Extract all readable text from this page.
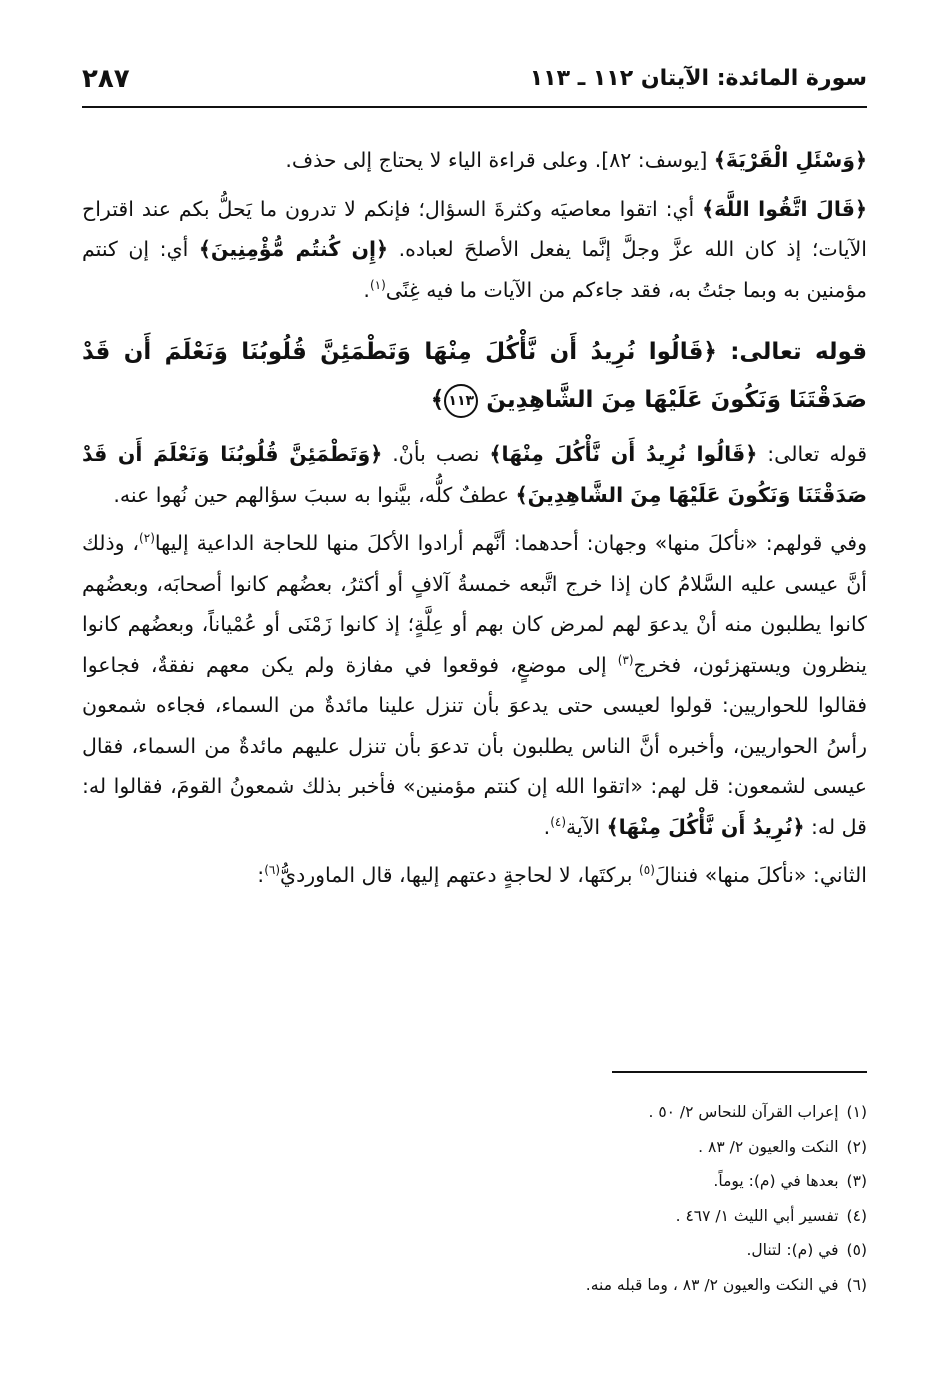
سورة المائدة: الآيتان ١١٢ ـ ١١٣
٢٨٧

﴿وَسْئَلِ الْقَرْيَةَ﴾ [يوسف: ٨٢]. وعلى قراءة الياء لا يحتاج إلى حذف.

﴿قَالَ اتَّقُوا اللَّهَ﴾ أي: اتقوا معاصيَه وكثرةَ السؤال؛ فإنكم لا تدرون ما يَحلُّ بكم عند اقتراح الآيات؛ إذ كان الله عزَّ وجلَّ إنَّما يفعل الأصلحَ لعباده. ﴿إِن كُنتُم مُّؤْمِنِينَ﴾ أي: إن كنتم مؤمنين به وبما جئتُ به، فقد جاءكم من الآيات ما فيه غِنًى$^{(١)}$.

قوله تعالى: ﴿قَالُوا نُرِيدُ أَن نَّأْكُلَ مِنْهَا وَتَطْمَئِنَّ قُلُوبُنَا وَنَعْلَمَ أَن قَدْ صَدَقْتَنَا وَنَكُونَ عَلَيْهَا مِنَ الشَّاهِدِينَ ١١٣﴾

قوله تعالى: ﴿قَالُوا نُرِيدُ أَن نَّأْكُلَ مِنْهَا﴾ نصب بأنْ. ﴿وَتَطْمَئِنَّ قُلُوبُنَا وَنَعْلَمَ أَن قَدْ صَدَقْتَنَا وَنَكُونَ عَلَيْهَا مِنَ الشَّاهِدِينَ﴾ عطفٌ كلُّه، بيَّنوا به سببَ سؤالهم حين نُهوا عنه.

وفي قولهم: «نأكلَ منها» وجهان: أحدهما: أنَّهم أرادوا الأكلَ منها للحاجة الداعية إليها$^{(٢)}$، وذلك أنَّ عيسى عليه السَّلامُ كان إذا خرج اتَّبعه خمسةُ آلافٍ أو أكثرُ، بعضُهم كانوا أصحابَه، وبعضُهم كانوا يطلبون منه أنْ يدعوَ لهم لمرض كان بهم أو عِلَّةٍ؛ إذ كانوا زَمْنَى أو عُمْياناً، وبعضُهم كانوا ينظرون ويستهزئون، فخرج$^{(٣)}$ إلى موضعٍ، فوقعوا في مفازة ولم يكن معهم نفقةٌ، فجاعوا فقالوا للحواريين: قولوا لعيسى حتى يدعوَ بأن تنزل علينا مائدةٌ من السماء، فجاءه شمعون رأسُ الحواريين، وأخبره أنَّ الناس يطلبون بأن تدعوَ بأن تنزل عليهم مائدةٌ من السماء، فقال عيسى لشمعون: قل لهم: «اتقوا الله إن كنتم مؤمنين» فأخبر بذلك شمعونُ القومَ، فقالوا له: قل له: ﴿نُرِيدُ أَن نَّأْكُلَ مِنْهَا﴾ الآية$^{(٤)}$.

الثاني: «نأكلَ منها» فننالَ$^{(٥)}$ بركتَها، لا لحاجةٍ دعتهم إليها، قال الماورديُّ$^{(٦)}$:

(١)إعراب القرآن للنحاس ٢/ ٥٠ .
(٢)النكت والعيون ٢/ ٨٣ .
(٣)بعدها في (م): يوماً.
(٤)تفسير أبي الليث ١/ ٤٦٧ .
(٥)في (م): لتنال.
(٦)في النكت والعيون ٢/ ٨٣ ، وما قبله منه.
